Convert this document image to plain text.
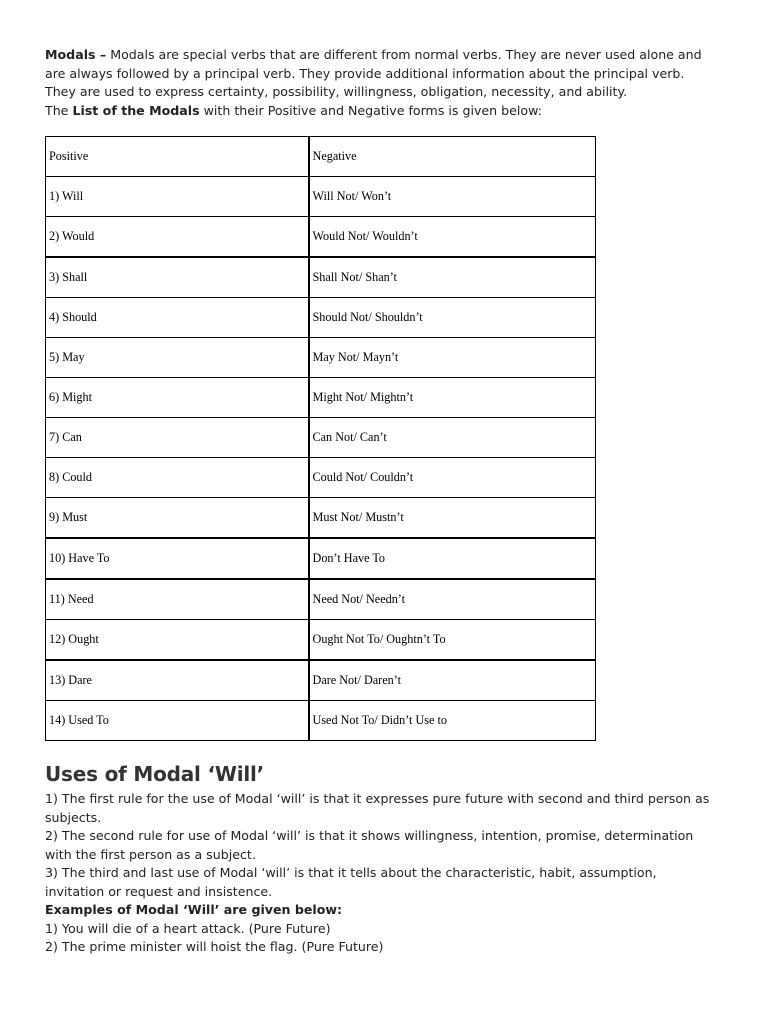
Modals – Modals are special verbs that are different from normal verbs. They are never used alone and are always followed by a principal verb. They provide additional information about the principal verb. They are used to express certainty, possibility, willingness, obligation, necessity, and ability.
The List of the Modals with their Positive and Negative forms is given below:

Positive	Negative
1) Will	Will Not/ Won’t
2) Would	Would Not/ Wouldn’t
3) Shall	Shall Not/ Shan’t
4) Should	Should Not/ Shouldn’t
5) May	May Not/ Mayn’t
6) Might	Might Not/ Mightn’t
7) Can	Can Not/ Can’t
8) Could	Could Not/ Couldn’t
9) Must	Must Not/ Mustn’t
10) Have To	Don’t Have To
11) Need	Need Not/ Needn’t
12) Ought	Ought Not To/ Oughtn’t To
13) Dare	Dare Not/ Daren’t
14) Used To	Used Not To/ Didn’t Use to
Uses of Modal ‘Will’

1) The first rule for the use of Modal ‘will’ is that it expresses pure future with second and third person as subjects.

2) The second rule for use of Modal ‘will’ is that it shows willingness, intention, promise, determination with the first person as a subject.

3) The third and last use of Modal ‘will’ is that it tells about the characteristic, habit, assumption, invitation or request and insistence.

Examples of Modal ‘Will’ are given below:

1) You will die of a heart attack. (Pure Future)

2) The prime minister will hoist the flag. (Pure Future)
